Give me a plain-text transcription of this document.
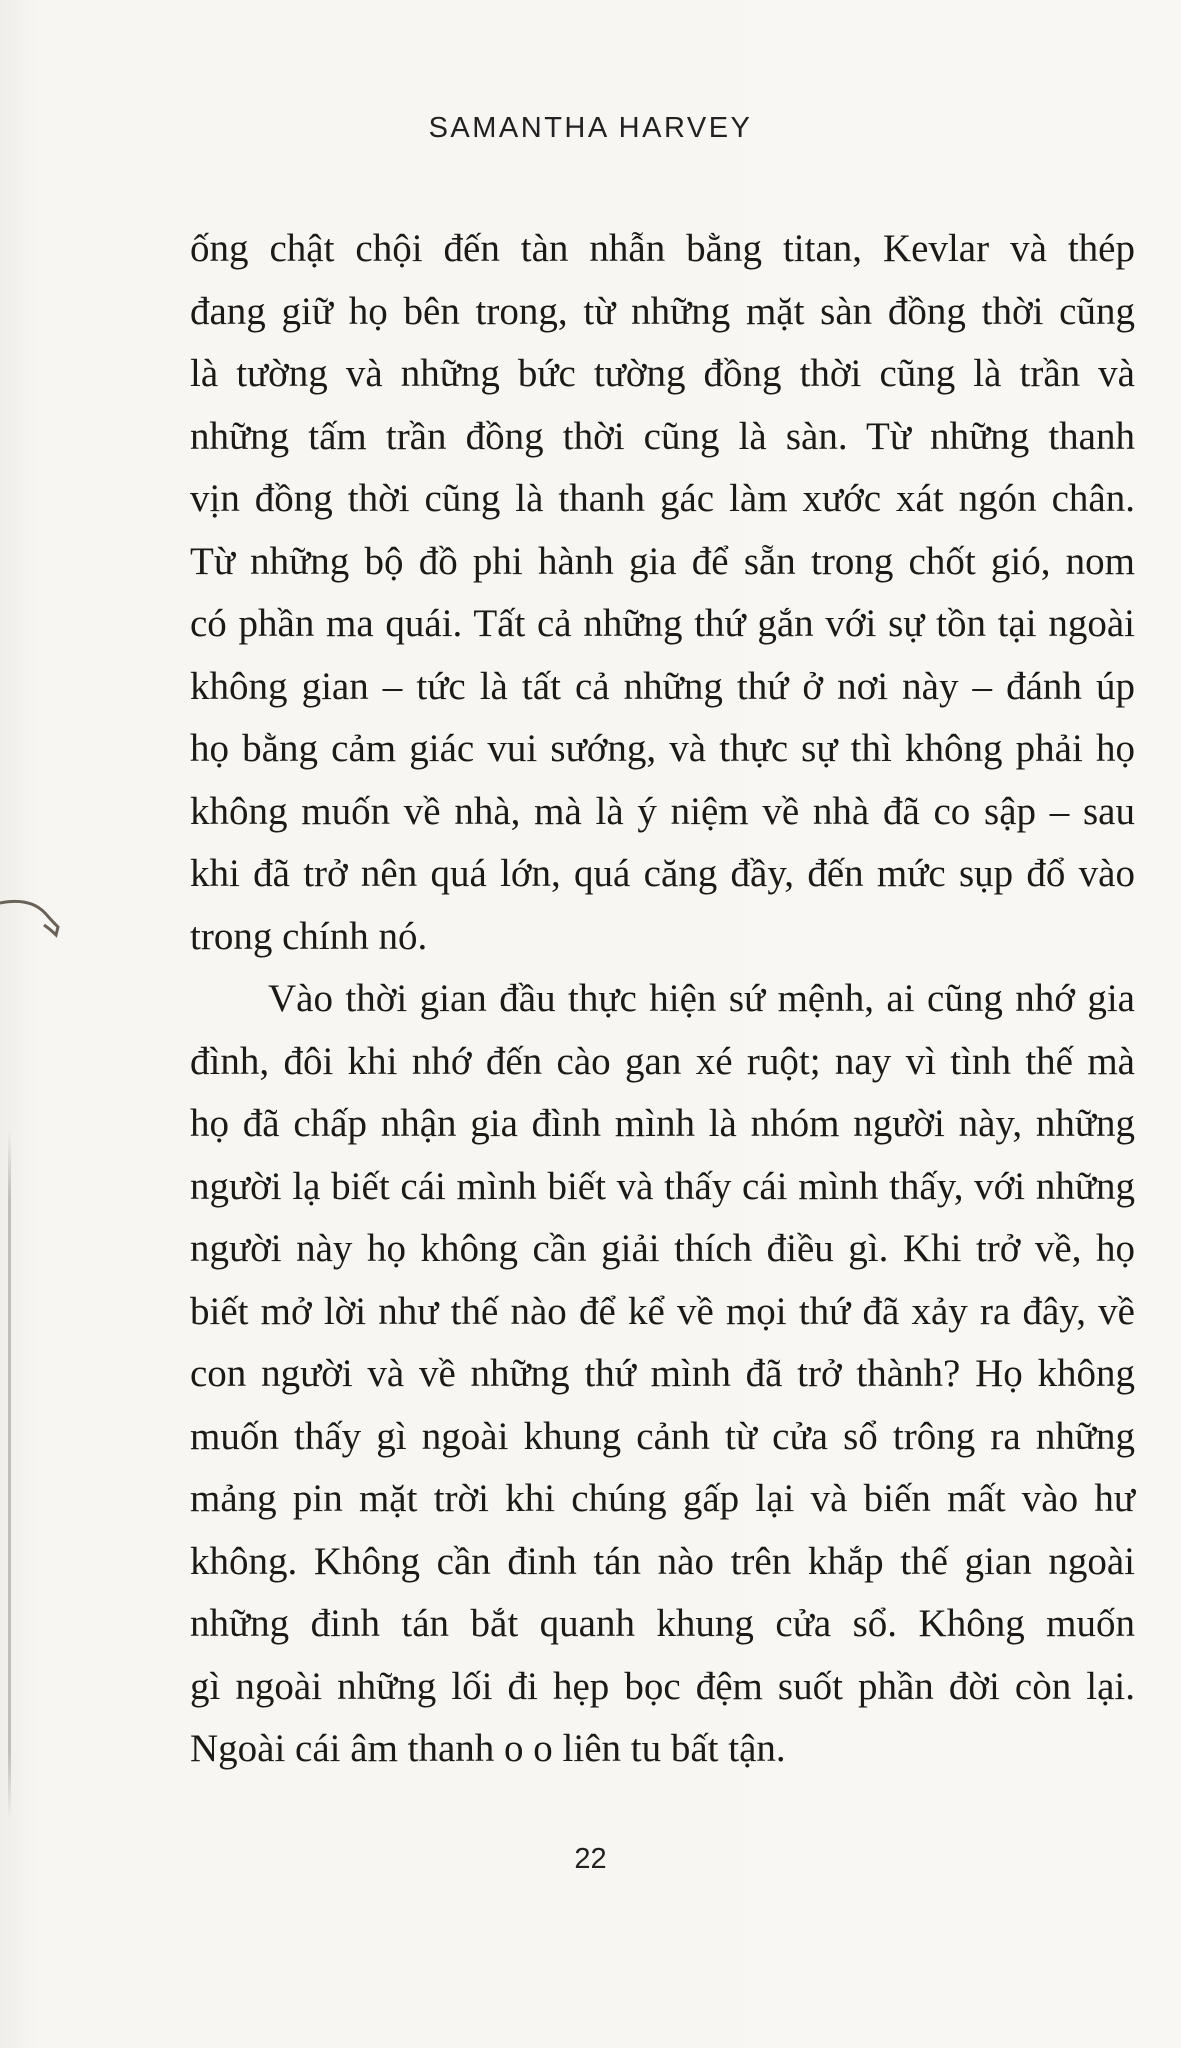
SAMANTHA HARVEY
ống chật chội đến tàn nhẫn bằng titan, Kevlar và thép
đang giữ họ bên trong, từ những mặt sàn đồng thời cũng
là tường và những bức tường đồng thời cũng là trần và
những tấm trần đồng thời cũng là sàn. Từ những thanh
vịn đồng thời cũng là thanh gác làm xước xát ngón chân.
Từ những bộ đồ phi hành gia để sẵn trong chốt gió, nom
có phần ma quái. Tất cả những thứ gắn với sự tồn tại ngoài
không gian – tức là tất cả những thứ ở nơi này – đánh úp
họ bằng cảm giác vui sướng, và thực sự thì không phải họ
không muốn về nhà, mà là ý niệm về nhà đã co sập – sau
khi đã trở nên quá lớn, quá căng đầy, đến mức sụp đổ vào
trong chính nó.
Vào thời gian đầu thực hiện sứ mệnh, ai cũng nhớ gia
đình, đôi khi nhớ đến cào gan xé ruột; nay vì tình thế mà
họ đã chấp nhận gia đình mình là nhóm người này, những
người lạ biết cái mình biết và thấy cái mình thấy, với những
người này họ không cần giải thích điều gì. Khi trở về, họ
biết mở lời như thế nào để kể về mọi thứ đã xảy ra đây, về
con người và về những thứ mình đã trở thành? Họ không
muốn thấy gì ngoài khung cảnh từ cửa sổ trông ra những
mảng pin mặt trời khi chúng gấp lại và biến mất vào hư
không. Không cần đinh tán nào trên khắp thế gian ngoài
những đinh tán bắt quanh khung cửa sổ. Không muốn
gì ngoài những lối đi hẹp bọc đệm suốt phần đời còn lại.
Ngoài cái âm thanh o o liên tu bất tận.
22
